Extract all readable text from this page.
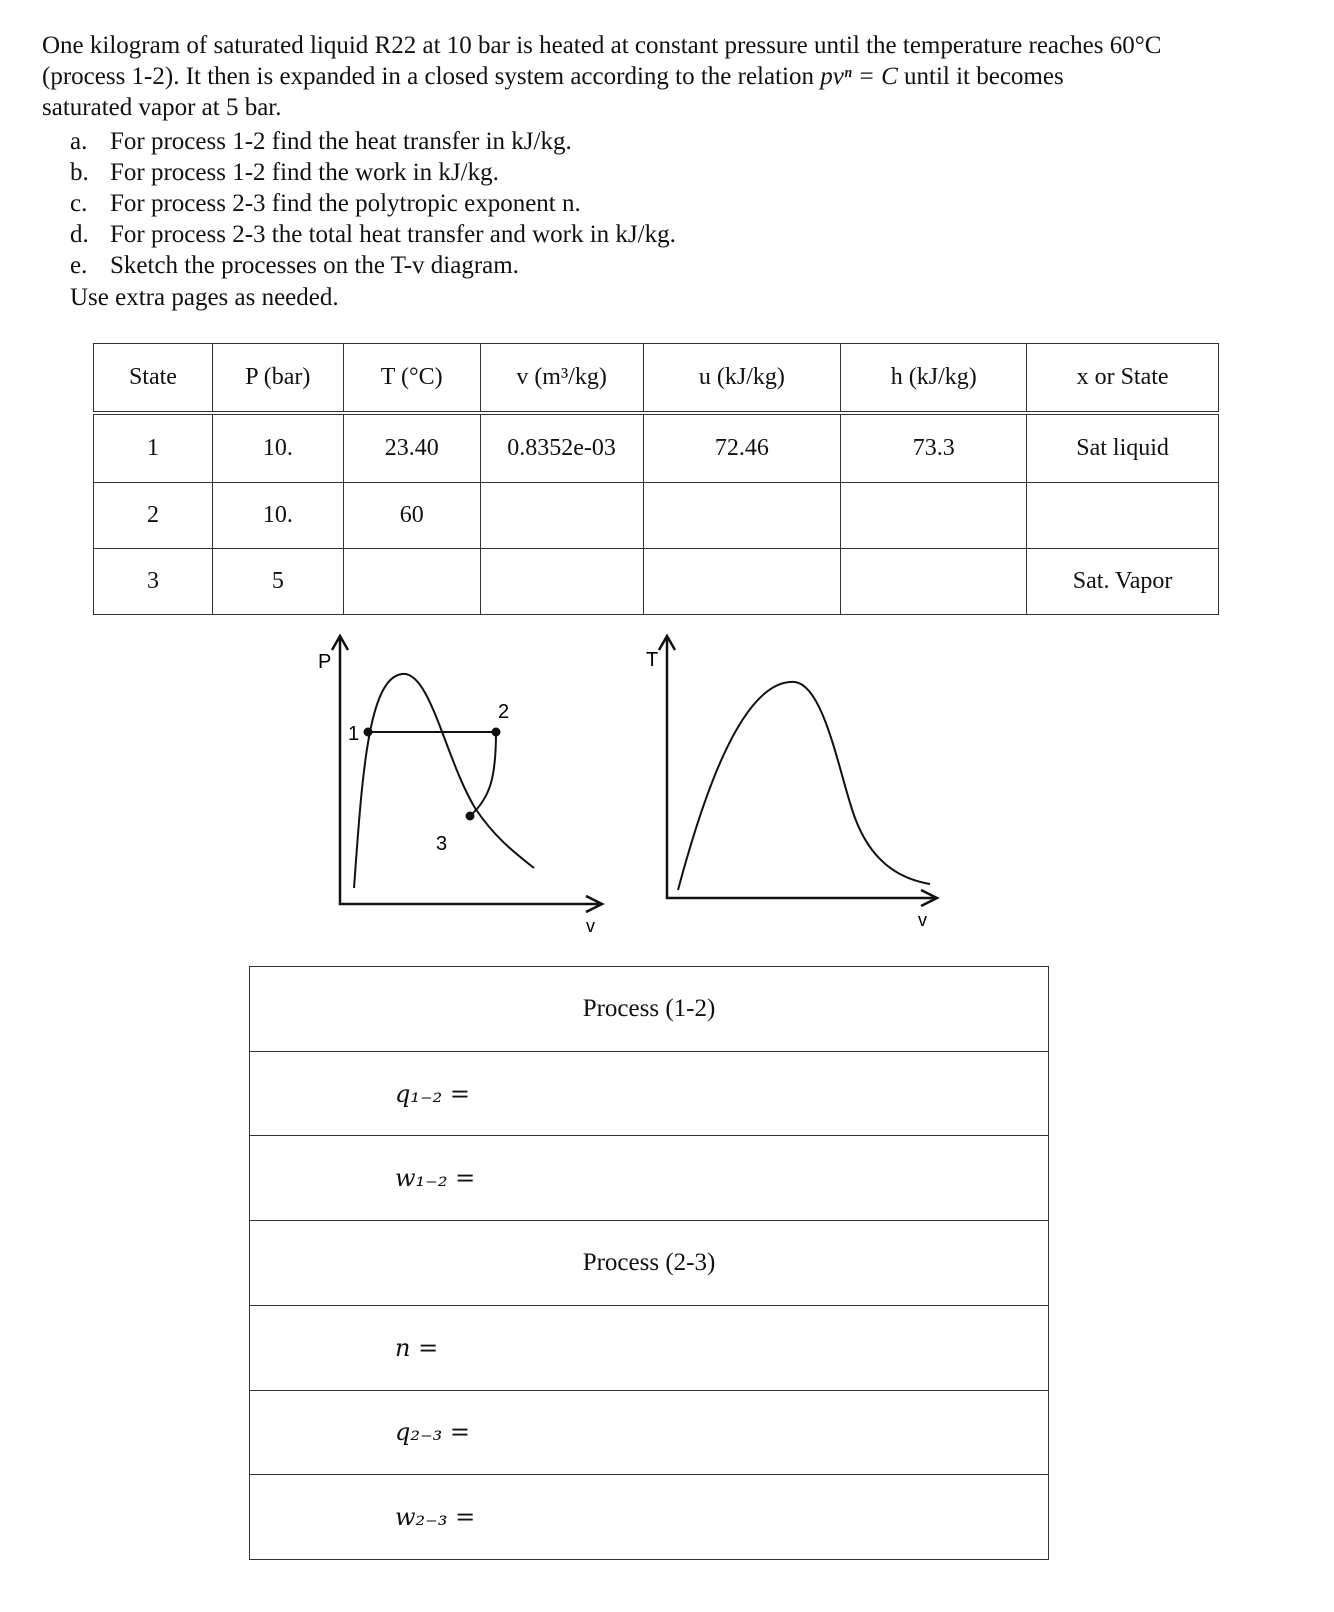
One kilogram of saturated liquid R22 at 10 bar is heated at constant pressure until the temperature reaches 60°C

(process 1-2). It then is expanded in a closed system according to the relation pvⁿ = C until it becomes

saturated vapor at 5 bar.

a. For process 1-2 find the heat transfer in kJ/kg.
b. For process 1-2 find the work in kJ/kg.
c. For process 2-3 find the polytropic exponent n.
d. For process 2-3 the total heat transfer and work in kJ/kg.
e. Sketch the processes on the T-v diagram.
Use extra pages as needed.
State	P (bar)	T (°C)	v (m³/kg)	u (kJ/kg)	h (kJ/kg)	x or State
1	10.	23.40	0.8352e-03	72.46	73.3	Sat liquid
2	10.	60				
3	5					Sat. Vapor
P
1
2
3
v
T
v
Process (1-2)
q₁₋₂ =
w₁₋₂ =
Process (2-3)
n =
q₂₋₃ =
w₂₋₃ =
